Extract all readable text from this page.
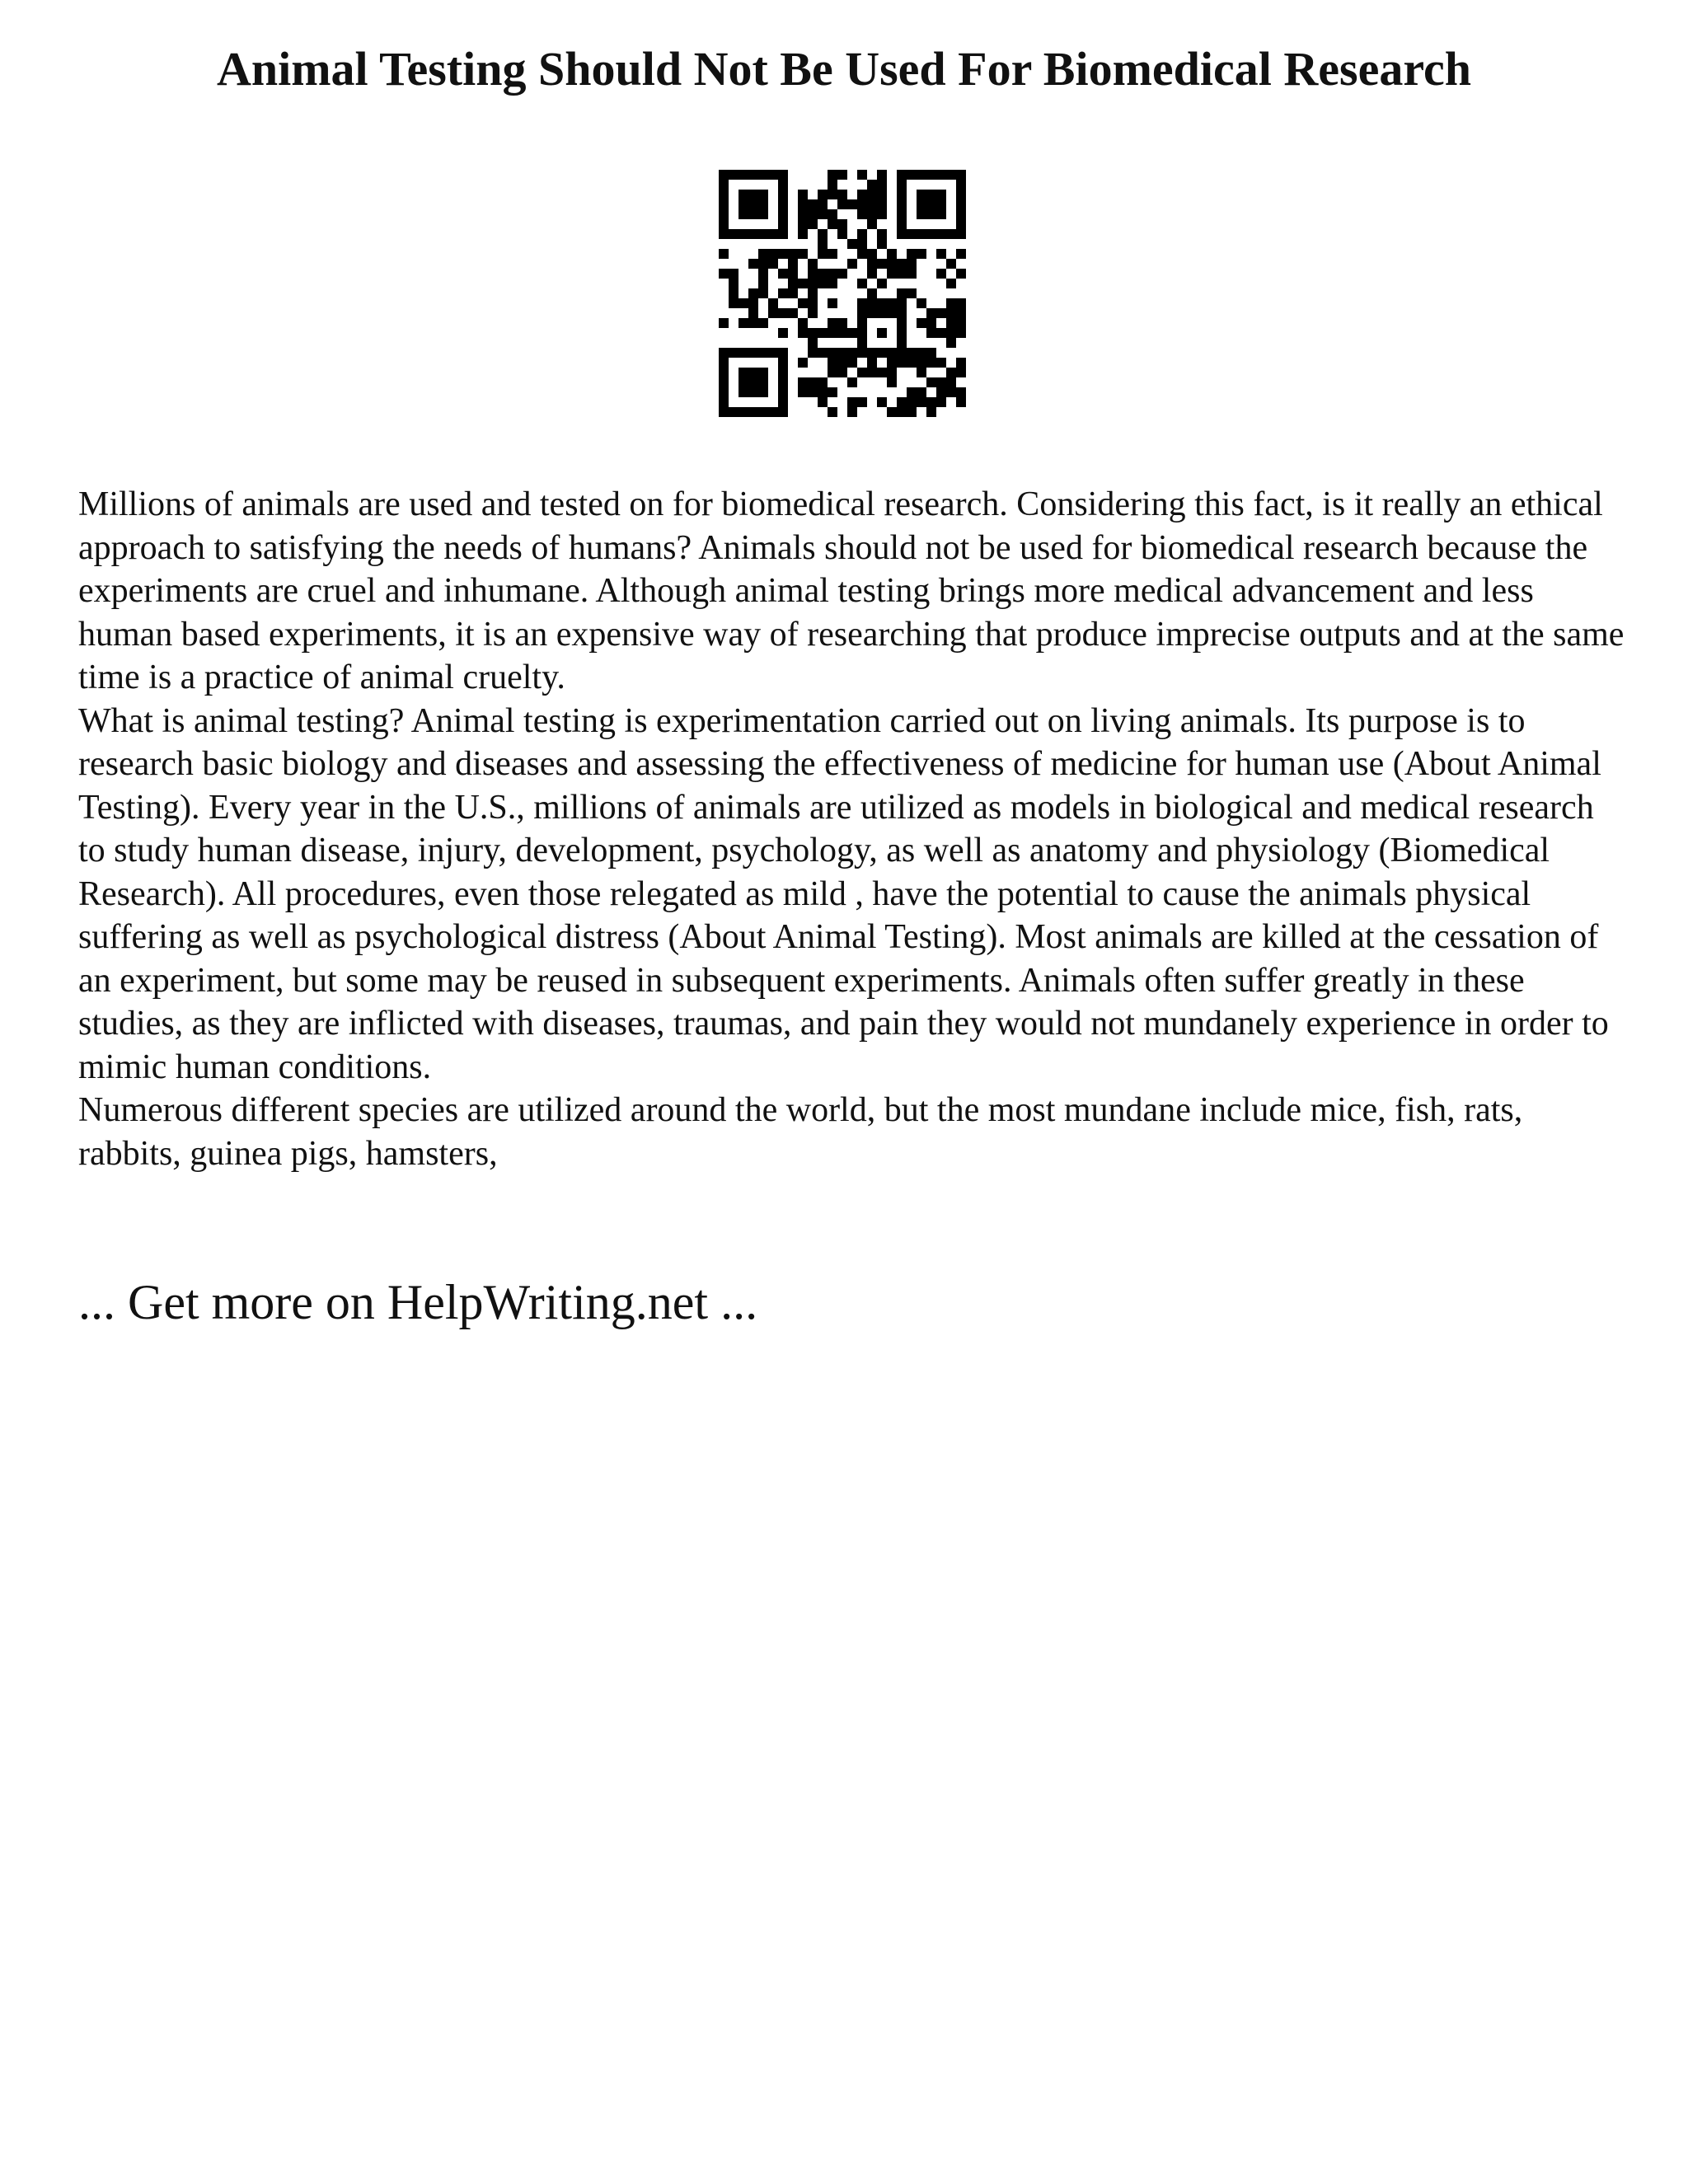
Animal Testing Should Not Be Used For Biomedical Research

Millions of animals are used and tested on for biomedical research. Considering this fact, is it really an ethical approach to satisfying the needs of humans? Animals should not be used for biomedical research because the experiments are cruel and inhumane. Although animal testing brings more medical advancement and less human based experiments, it is an expensive way of researching that produce imprecise outputs and at the same time is a practice of animal cruelty.

What is animal testing? Animal testing is experimentation carried out on living animals. Its purpose is to research basic biology and diseases and assessing the effectiveness of medicine for human use (About Animal Testing). Every year in the U.S., millions of animals are utilized as models in biological and medical research to study human disease, injury, development, psychology, as well as anatomy and physiology (Biomedical Research). All procedures, even those relegated as mild , have the potential to cause the animals physical suffering as well as psychological distress (About Animal Testing). Most animals are killed at the cessation of an experiment, but some may be reused in subsequent experiments. Animals often suffer greatly in these studies, as they are inflicted with diseases, traumas, and pain they would not mundanely experience in order to mimic human conditions.

Numerous different species are utilized around the world, but the most mundane include mice, fish, rats, rabbits, guinea pigs, hamsters,

... Get more on HelpWriting.net ...
